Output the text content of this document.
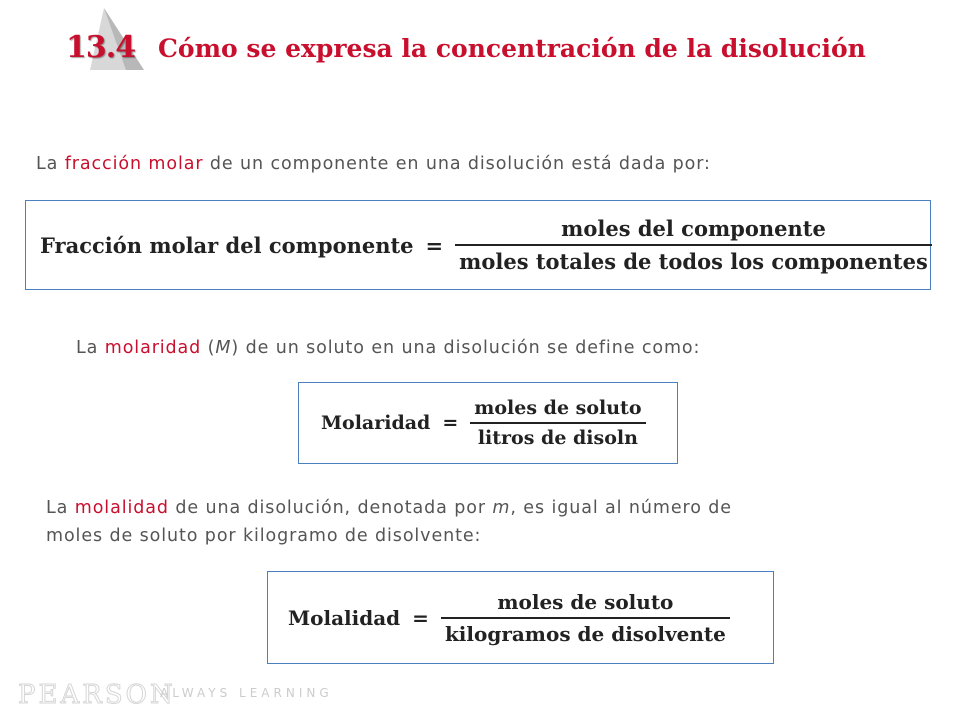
13.4 Cómo se expresa la concentración de la disolución
La fracción molar de un componente en una disolución está dada por:
Fracción molar del componente = $\frac{\text{moles del componente}}{\text{moles totales de todos los componentes}}$
La molaridad (M) de un soluto en una disolución se define como:
Molaridad = $\frac{\text{moles de soluto}}{\text{litros de disoln}}$
La molalidad de una disolución, denotada por m, es igual al número de
moles de soluto por kilogramo de disolvente:
Molalidad = $\frac{\text{moles de soluto}}{\text{kilogramos de disolvente}}$
PEARSON
ALWAYS LEARNING
